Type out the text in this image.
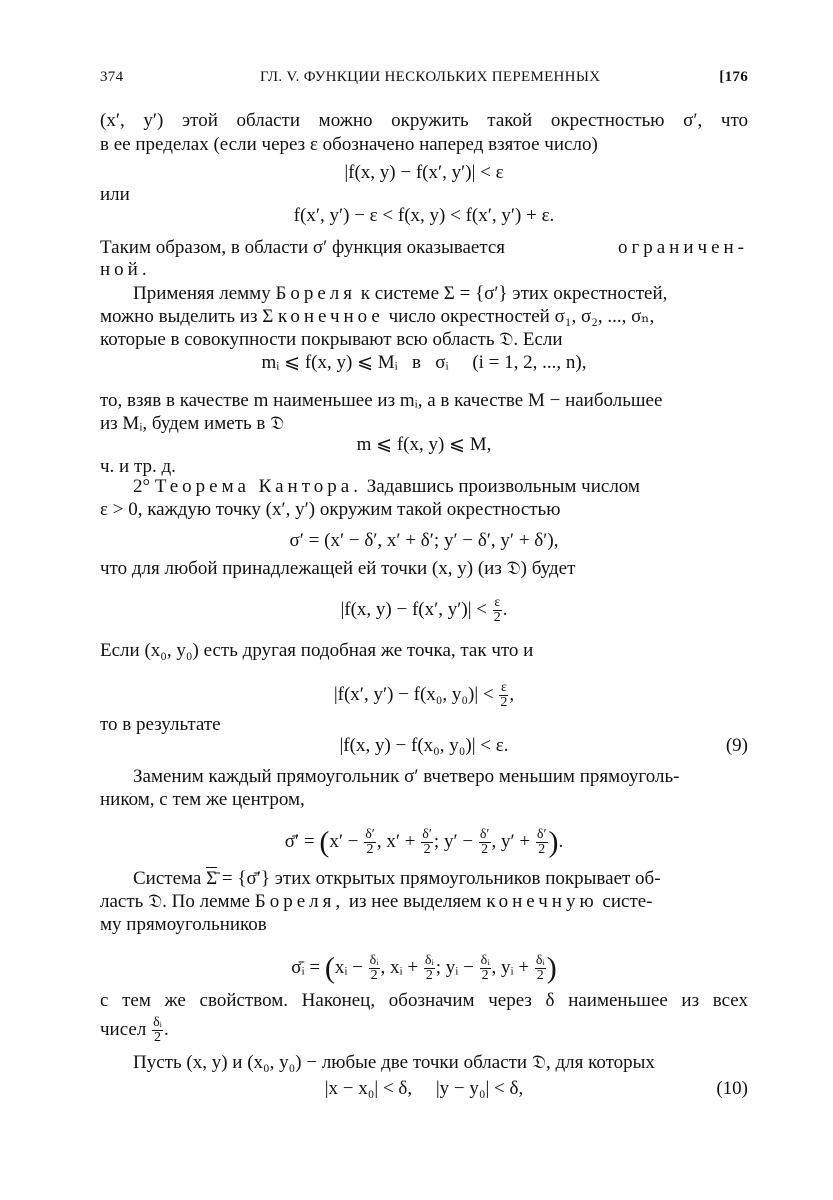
374	ГЛ. V. ФУНКЦИИ НЕСКОЛЬКИХ ПЕРЕМЕННЫХ	[176
(x′, y′) этой области можно окружить такой окрестностью σ′, что
в ее пределах (если через ε обозначено наперед взятое число)
|f(x, y) − f(x′, y′)| < ε
или
f(x′, y′) − ε < f(x, y) < f(x′, y′) + ε.
Таким образом, в области σ′ функция оказывается	ограничен-
ной.
Применяя лемму Бореля к системе Σ = {σ′} этих окрестностей,
можно выделить из Σ конечное число окрестностей σ₁, σ₂, ..., σₙ,
которые в совокупности покрывают всю область 𝔇. Если
mᵢ ⩽ f(x, y) ⩽ Mᵢ   в   σᵢ     (i = 1, 2, ..., n),
то, взяв в качестве m наименьшее из mᵢ, а в качестве M − наибольшее
из Mᵢ, будем иметь в 𝔇
m ⩽ f(x, y) ⩽ M,
ч. и тр. д.
2° Теорема Кантора. Задавшись произвольным числом
ε > 0, каждую точку (x′, y′) окружим такой окрестностью
σ′ = (x′ − δ′, x′ + δ′; y′ − δ′, y′ + δ′),
что для любой принадлежащей ей точки (x, y) (из 𝔇) будет
|f(x, y) − f(x′, $y')| < \frac{\varepsilon}{2}$ .
Если (x₀, y₀) есть другая подобная же точка, так что и
|f(x′, y′) − f(x₀, $y_0)| < \frac{\varepsilon}{2}$ ,
то в результате
|f(x, y) − f(x₀, y₀)| < ε.	(9)
Заменим каждый прямоугольник σ′ вчетверо меньшим прямоуголь-
ником, с тем же центром,
σ̄′ = ($x' - \frac{\delta'}{2}$ , $x' + \frac{\delta'}{2}$ ; $y' - \frac{\delta'}{2}$ , $y' + \frac{\delta'}{2}$ ).
Система Σ̄ = {σ̄′} этих открытых прямоугольников покрывает об-
ласть 𝔇. По лемме Бореля, из нее выделяем конечную систе-
му прямоугольников
σ̄ᵢ = (xᵢ − $\frac{\text{δᵢ}}{2}$ , xᵢ + $\frac{\text{δᵢ}}{2}$ ; yᵢ − $\frac{\text{δᵢ}}{2}$ , yᵢ + $\frac{\text{δᵢ}}{2}$ )
с тем же свойством. Наконец, обозначим через δ наименьшее из всех
чисел $\frac{\text{δᵢ}}{2}$ .
Пусть (x, y) и (x₀, y₀) − любые две точки области 𝔇, для которых
|x − x₀| < δ,     |y − y₀| < δ,	(10)
